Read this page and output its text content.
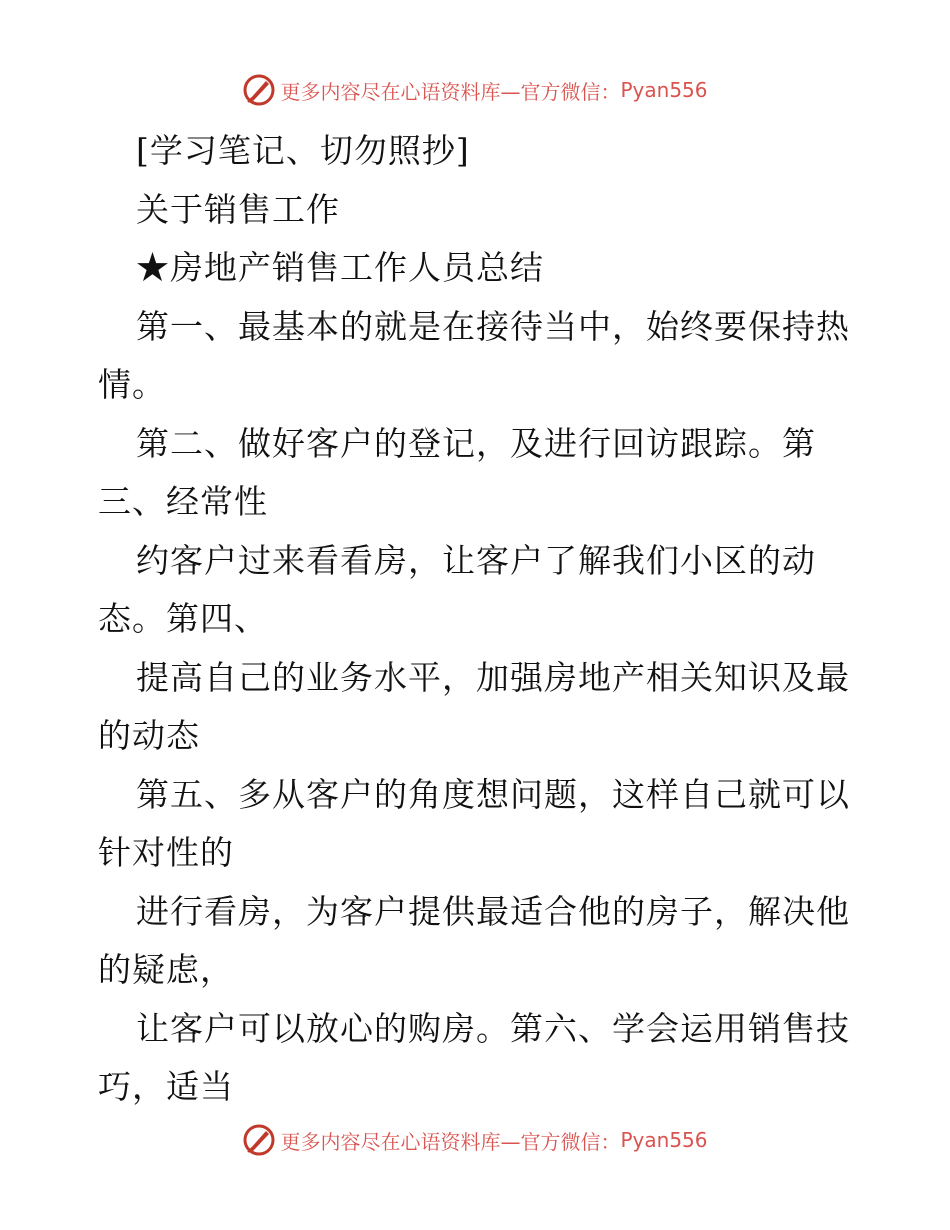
更多内容尽在心语资料库—官方微信： Pyan556
[学习笔记、切勿照抄]
关于销售工作
★房地产销售工作人员总结
第一、最基本的就是在接待当中，始终要保持热
情。
第二、做好客户的登记，及进行回访跟踪。第
三、经常性
约客户过来看看房，让客户了解我们小区的动
态。第四、
提高自己的业务水平，加强房地产相关知识及最
的动态
第五、多从客户的角度想问题，这样自己就可以
针对性的
进行看房，为客户提供最适合他的房子，解决他
的疑虑，
让客户可以放心的购房。第六、学会运用销售技
巧，适当
更多内容尽在心语资料库—官方微信： Pyan556
